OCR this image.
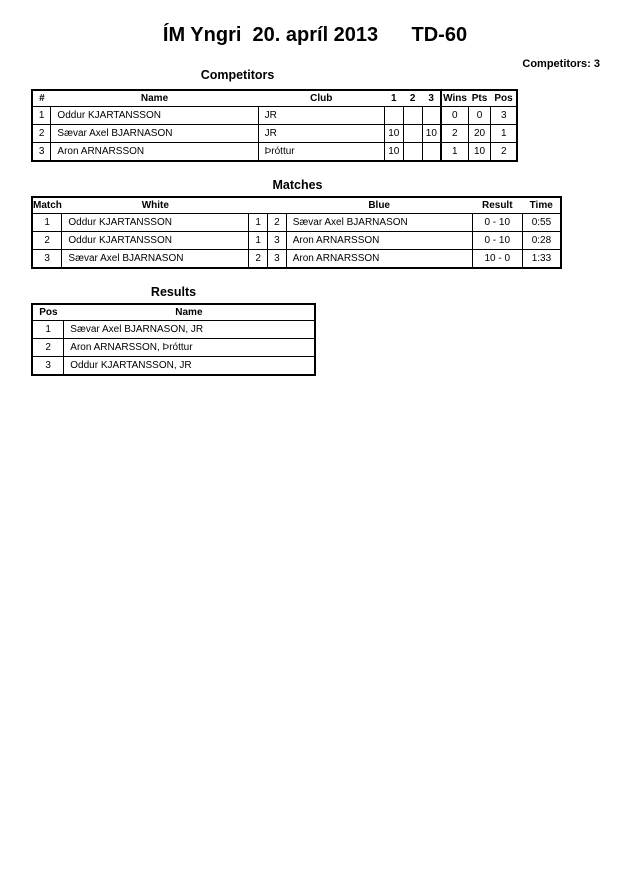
ÍM Yngri  20. apríl 2013      TD-60
Competitors: 3
Competitors
#	Name	Club	1	2	3	Wins	Pts	Pos
1	Oddur KJARTANSSON	JR				0	0	3
2	Sævar Axel BJARNASON	JR	10		10	2	20	1
3	Aron ARNARSSON	Þróttur	10			1	10	2
Matches
Match	White			Blue	Result	Time
1	Oddur KJARTANSSON	1	2	Sævar Axel BJARNASON	0 - 10	0:55
2	Oddur KJARTANSSON	1	3	Aron ARNARSSON	0 - 10	0:28
3	Sævar Axel BJARNASON	2	3	Aron ARNARSSON	10 - 0	1:33
Results
Pos	Name
1	Sævar Axel BJARNASON, JR
2	Aron ARNARSSON, Þróttur
3	Oddur KJARTANSSON, JR
